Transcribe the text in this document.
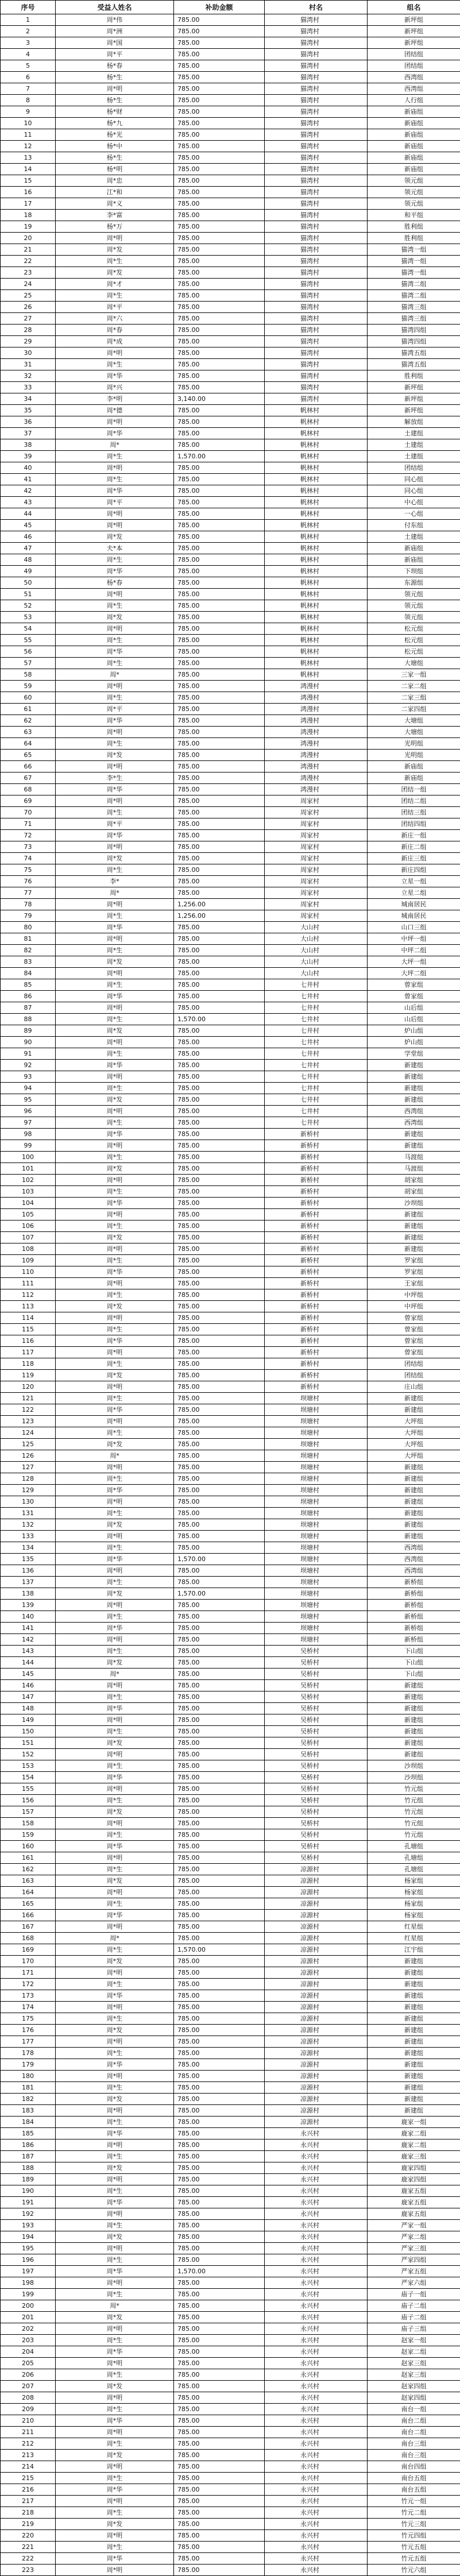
序号	受益人姓名	补助金额	村名	组名
1	周*伟	785.00	猫湾村	新坪组
2	周*洲	785.00	猫湾村	新坪组
3	周*国	785.00	猫湾村	新坪组
4	周*平	785.00	猫湾村	团结组
5	杨*春	785.00	猫湾村	团结组
6	杨*生	785.00	猫湾村	西湾组
7	周*明	785.00	猫湾村	西湾组
8	杨*生	785.00	猫湾村	人行组
9	杨*财	785.00	猫湾村	新庙组
10	杨*九	785.00	猫湾村	新庙组
11	杨*光	785.00	猫湾村	新庙组
12	杨*中	785.00	猫湾村	新庙组
13	杨*生	785.00	猫湾村	新庙组
14	杨*明	785.00	猫湾村	新庙组
15	周*忠	785.00	猫湾村	领元组
16	江*和	785.00	猫湾村	领元组
17	周*义	785.00	猫湾村	领元组
18	李*富	785.00	猫湾村	和平组
19	杨*万	785.00	猫湾村	胜利组
20	周*明	785.00	猫湾村	胜利组
21	周*发	785.00	猫湾村	猫湾一组
22	周*生	785.00	猫湾村	猫湾一组
23	周*发	785.00	猫湾村	猫湾一组
24	周*才	785.00	猫湾村	猫湾二组
25	周*生	785.00	猫湾村	猫湾二组
26	周*平	785.00	猫湾村	猫湾三组
27	周*六	785.00	猫湾村	猫湾三组
28	周*春	785.00	猫湾村	猫湾四组
29	周*成	785.00	猫湾村	猫湾四组
30	周*明	785.00	猫湾村	猫湾五组
31	周*生	785.00	猫湾村	猫湾五组
32	周*华	785.00	猫湾村	胜利组
33	周*兴	785.00	猫湾村	新坪组
34	李*明	3,140.00	猫湾村	新坪组
35	周*德	785.00	帆林村	新坪组
36	周*明	785.00	帆林村	解放组
37	周*华	785.00	帆林村	土建组
38	周*	785.00	帆林村	土建组
39	周*生	1,570.00	帆林村	土建组
40	周*明	785.00	帆林村	团结组
41	周*生	785.00	帆林村	同心组
42	周*华	785.00	帆林村	同心组
43	周*平	785.00	帆林村	中心组
44	周*明	785.00	帆林村	一心组
45	周*明	785.00	帆林村	付东组
46	周*发	785.00	帆林村	土建组
47	夫*本	785.00	帆林村	新庙组
48	周*生	785.00	帆林村	新庙组
49	周*华	785.00	帆林村	下坝组
50	杨*春	785.00	帆林村	东源组
51	周*明	785.00	帆林村	领元组
52	周*生	785.00	帆林村	领元组
53	周*发	785.00	帆林村	领元组
54	周*明	785.00	帆林村	松元组
55	周*生	785.00	帆林村	松元组
56	周*华	785.00	帆林村	松元组
57	周*生	785.00	帆林村	大塘组
58	周*	785.00	帆林村	三家一组
59	周*明	785.00	鸿漫村	二家二组
60	周*生	785.00	鸿漫村	二家三组
61	周*平	785.00	鸿漫村	二家四组
62	周*华	785.00	鸿漫村	大塘组
63	周*明	785.00	鸿漫村	大塘组
64	周*生	785.00	鸿漫村	光明组
65	周*发	785.00	鸿漫村	光明组
66	周*明	785.00	鸿漫村	新庙组
67	李*生	785.00	鸿漫村	新庙组
68	周*华	785.00	鸿漫村	团结一组
69	周*明	785.00	周家村	团结二组
70	周*生	785.00	周家村	团结三组
71	周*平	785.00	周家村	团结四组
72	周*华	785.00	周家村	新庄一组
73	周*明	785.00	周家村	新庄二组
74	周*发	785.00	周家村	新庄三组
75	周*生	785.00	周家村	新庄四组
76	李*	785.00	周家村	立星一组
77	周*	785.00	周家村	立星二组
78	周*明	1,256.00	周家村	城南居民
79	周*生	1,256.00	周家村	城南居民
80	周*华	785.00	大山村	山口三组
81	周*明	785.00	大山村	中坪一组
82	周*生	785.00	大山村	中坪二组
83	周*发	785.00	大山村	大坪一组
84	周*明	785.00	大山村	大坪二组
85	周*生	785.00	七井村	曾家组
86	周*华	785.00	七井村	曾家组
87	周*明	785.00	七井村	山后组
88	周*生	1,570.00	七井村	山后组
89	周*发	785.00	七井村	炉山组
90	周*明	785.00	七井村	炉山组
91	周*生	785.00	七井村	学堂组
92	周*华	785.00	七井村	新建组
93	周*明	785.00	七井村	新建组
94	周*生	785.00	七井村	新建组
95	周*发	785.00	七井村	新建组
96	周*明	785.00	七井村	西湾组
97	周*生	785.00	七井村	西湾组
98	周*华	785.00	新桥村	新建组
99	周*明	785.00	新桥村	新建组
100	周*生	785.00	新桥村	马渡组
101	周*发	785.00	新桥村	马渡组
102	周*明	785.00	新桥村	胡家组
103	周*生	785.00	新桥村	胡家组
104	周*华	785.00	新桥村	沙坝组
105	周*明	785.00	新桥村	新建组
106	周*生	785.00	新桥村	新建组
107	周*发	785.00	新桥村	新建组
108	周*明	785.00	新桥村	新建组
109	周*生	785.00	新桥村	罗家组
110	周*华	785.00	新桥村	罗家组
111	周*明	785.00	新桥村	王家组
112	周*生	785.00	新桥村	中坪组
113	周*发	785.00	新桥村	中坪组
114	周*明	785.00	新桥村	曾家组
115	周*生	785.00	新桥村	曾家组
116	周*华	785.00	新桥村	曾家组
117	周*明	785.00	新桥村	曾家组
118	周*生	785.00	新桥村	团结组
119	周*发	785.00	新桥村	团结组
120	周*明	785.00	新桥村	庄山组
121	周*生	785.00	坝塘村	新建组
122	周*华	785.00	坝塘村	新建组
123	周*明	785.00	坝塘村	大坪组
124	周*生	785.00	坝塘村	大坪组
125	周*发	785.00	坝塘村	大坪组
126	周*	785.00	坝塘村	大坪组
127	周*明	785.00	坝塘村	新建组
128	周*生	785.00	坝塘村	新建组
129	周*华	785.00	坝塘村	新建组
130	周*明	785.00	坝塘村	新建组
131	周*生	785.00	坝塘村	新建组
132	周*发	785.00	坝塘村	新建组
133	周*明	785.00	坝塘村	新建组
134	周*生	785.00	坝塘村	西湾组
135	周*华	1,570.00	坝塘村	西湾组
136	周*明	785.00	坝塘村	西湾组
137	周*生	785.00	坝塘村	新桥组
138	周*发	1,570.00	坝塘村	新桥组
139	周*明	785.00	坝塘村	新桥组
140	周*生	785.00	坝塘村	新桥组
141	周*华	785.00	坝塘村	新桥组
142	周*明	785.00	坝塘村	新桥组
143	周*生	785.00	吴桥村	下山组
144	周*发	785.00	吴桥村	下山组
145	周*	785.00	吴桥村	下山组
146	周*明	785.00	吴桥村	新建组
147	周*生	785.00	吴桥村	新建组
148	周*华	785.00	吴桥村	新建组
149	周*明	785.00	吴桥村	新建组
150	周*生	785.00	吴桥村	新建组
151	周*发	785.00	吴桥村	新建组
152	周*明	785.00	吴桥村	新建组
153	周*生	785.00	吴桥村	沙坝组
154	周*华	785.00	吴桥村	沙坝组
155	周*明	785.00	吴桥村	竹元组
156	周*生	785.00	吴桥村	竹元组
157	周*发	785.00	吴桥村	竹元组
158	周*明	785.00	吴桥村	竹元组
159	周*生	785.00	吴桥村	竹元组
160	周*华	785.00	吴桥村	孔塘组
161	周*明	785.00	吴桥村	孔塘组
162	周*生	785.00	凉源村	孔塘组
163	周*发	785.00	凉源村	杨家组
164	周*明	785.00	凉源村	杨家组
165	周*生	785.00	凉源村	杨家组
166	周*华	785.00	凉源村	杨家组
167	周*明	785.00	凉源村	红星组
168	周*	785.00	凉源村	红星组
169	周*生	1,570.00	凉源村	江宇组
170	周*发	785.00	凉源村	新建组
171	周*明	785.00	凉源村	新建组
172	周*生	785.00	凉源村	新建组
173	周*华	785.00	凉源村	新建组
174	周*明	785.00	凉源村	新建组
175	周*生	785.00	凉源村	新建组
176	周*发	785.00	凉源村	新建组
177	周*明	785.00	凉源村	新建组
178	周*生	785.00	凉源村	新建组
179	周*华	785.00	凉源村	新建组
180	周*明	785.00	凉源村	新建组
181	周*生	785.00	凉源村	新建组
182	周*发	785.00	凉源村	新建组
183	周*明	785.00	凉源村	新建组
184	周*生	785.00	凉源村	鹿家一组
185	周*华	785.00	永兴村	鹿家二组
186	周*明	785.00	永兴村	鹿家二组
187	周*生	785.00	永兴村	鹿家三组
188	周*发	785.00	永兴村	鹿家四组
189	周*明	785.00	永兴村	鹿家四组
190	周*生	785.00	永兴村	鹿家五组
191	周*华	785.00	永兴村	鹿家五组
192	周*明	785.00	永兴村	鹿家五组
193	周*生	785.00	永兴村	严家一组
194	周*发	785.00	永兴村	严家二组
195	周*明	785.00	永兴村	严家三组
196	周*生	785.00	永兴村	严家四组
197	周*华	1,570.00	永兴村	严家五组
198	周*明	785.00	永兴村	严家六组
199	周*生	785.00	永兴村	庙子一组
200	周*	785.00	永兴村	庙子二组
201	周*发	785.00	永兴村	庙子二组
202	周*明	785.00	永兴村	庙子三组
203	周*生	785.00	永兴村	赵家一组
204	周*华	785.00	永兴村	赵家二组
205	周*明	785.00	永兴村	赵家三组
206	周*生	785.00	永兴村	赵家三组
207	周*发	785.00	永兴村	赵家四组
208	周*明	785.00	永兴村	赵家四组
209	周*生	785.00	永兴村	南台一组
210	周*华	785.00	永兴村	南台二组
211	周*明	785.00	永兴村	南台二组
212	周*生	785.00	永兴村	南台三组
213	周*发	785.00	永兴村	南台三组
214	周*明	785.00	永兴村	南台四组
215	周*生	785.00	永兴村	南台五组
216	周*华	785.00	永兴村	南台五组
217	周*明	785.00	永兴村	竹元一组
218	周*生	785.00	永兴村	竹元二组
219	周*发	785.00	永兴村	竹元三组
220	周*明	785.00	永兴村	竹元四组
221	周*生	785.00	永兴村	竹元五组
222	周*华	785.00	永兴村	竹元五组
223	周*明	785.00	永兴村	竹元六组
